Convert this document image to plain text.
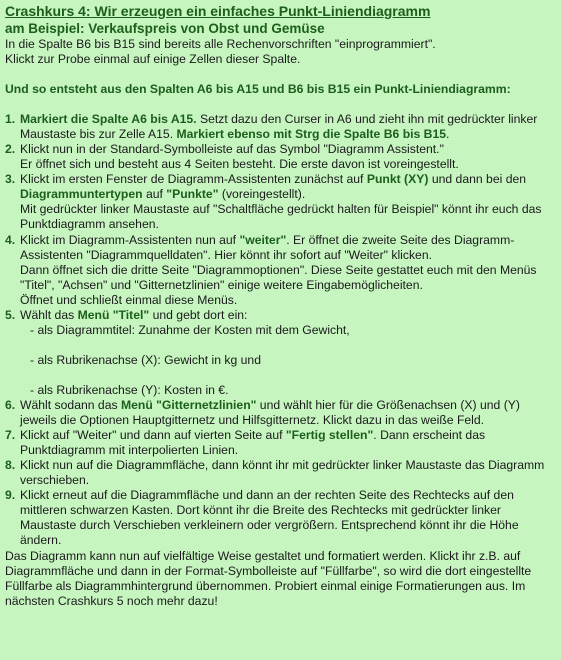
Crashkurs 4: Wir erzeugen ein einfaches Punkt-Liniendiagramm
am Beispiel: Verkaufspreis von Obst und Gemüse

In die Spalte B6 bis B15 sind bereits alle Rechenvorschriften "einprogrammiert".

Klickt zur Probe einmal auf einige Zellen dieser Spalte.

Und so entsteht aus den Spalten A6 bis A15 und B6 bis B15 ein Punkt-Liniendiagramm:

1. Markiert die Spalte A6 bis A15. Setzt dazu den Curser in A6 und zieht ihn mit gedrückter linker Maustaste bis zur Zelle A15. Markiert ebenso mit Strg die Spalte B6 bis B15.
2. Klickt nun in der Standard-Symbolleiste auf das Symbol "Diagramm Assistent."
Er öffnet sich und besteht aus 4 Seiten besteht. Die erste davon ist voreingestellt.
3. Klickt im ersten Fenster de Diagramm-Assistenten zunächst auf Punkt (XY) und dann bei den Diagrammuntertypen auf "Punkte" (voreingestellt).
Mit gedrückter linker Maustaste auf "Schaltfläche gedrückt halten für Beispiel" könnt ihr euch das Punktdiagramm ansehen.
4. Klickt im Diagramm-Assistenten nun auf "weiter". Er öffnet die zweite Seite des Diagramm-Assistenten "Diagrammquelldaten". Hier könnt ihr sofort auf "Weiter" klicken.
Dann öffnet sich die dritte Seite "Diagrammoptionen". Diese Seite gestattet euch mit den Menüs "Titel", "Achsen" und "Gitternetzlinien" einige weitere Eingabemöglicheiten.
Öffnet und schließt einmal diese Menüs.
5. Wählt das Menü "Titel" und gebt dort ein:

- als Diagrammtitel: Zunahme der Kosten mit dem Gewicht,

- als Rubrikenachse (X): Gewicht in kg und

- als Rubrikenachse (Y): Kosten in €.
6. Wählt sodann das Menü "Gitternetzlinien" und wählt hier für die Größenachsen (X) und (Y) jeweils die Optionen Hauptgitternetz und Hilfsgitternetz. Klickt dazu in das weiße Feld.
7. Klickt auf "Weiter" und dann auf vierten Seite auf "Fertig stellen". Dann erscheint das Punktdiagramm mit interpolierten Linien.
8. Klickt nun auf die Diagrammfläche, dann könnt ihr mit gedrückter linker Maustaste das Diagramm verschieben.
9. Klickt erneut auf die Diagrammfläche und dann an der rechten Seite des Rechtecks auf den mittleren schwarzen Kasten. Dort könnt ihr die Breite des Rechtecks mit gedrückter linker Maustaste durch Verschieben verkleinern oder vergrößern. Entsprechend könnt ihr die Höhe ändern.

Das Diagramm kann nun auf vielfältige Weise gestaltet und formatiert werden. Klickt ihr z.B. auf Diagrammfläche und dann in der Format-Symbolleiste auf "Füllfarbe", so wird die dort eingestellte Füllfarbe als Diagrammhintergrund übernommen. Probiert einmal einige Formatierungen aus. Im nächsten Crashkurs 5 noch mehr dazu!
